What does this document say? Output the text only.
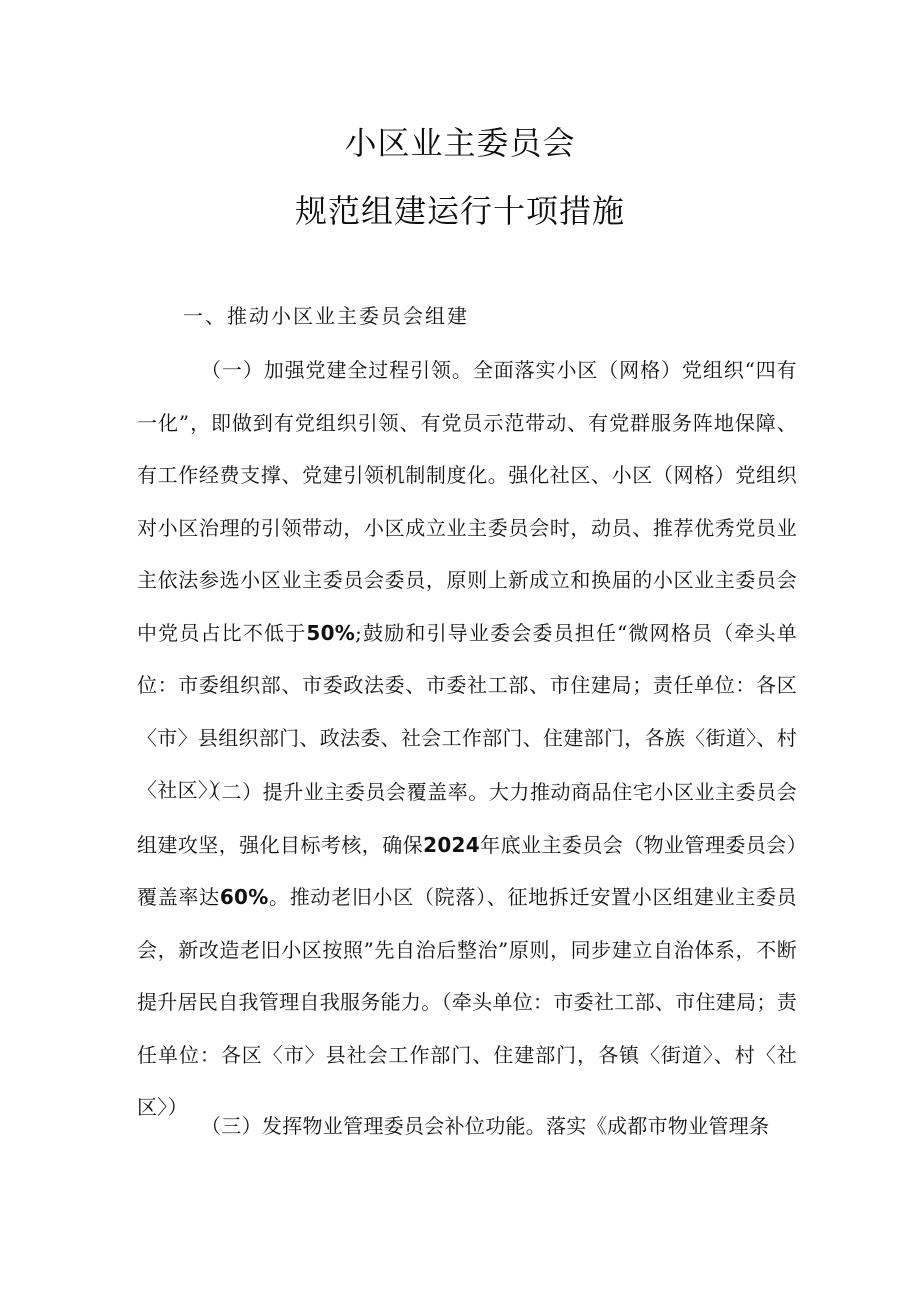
小区业主委员会
规范组建运行十项措施
一、推动小区业主委员会组建
（一）加强党建全过程引领。全面落实小区（网格）党组织“四有一化”，即做到有党组织引领、有党员示范带动、有党群服务阵地保障、有工作经费支撑、党建引领机制制度化。强化社区、小区（网格）党组织对小区治理的引领带动，小区成立业主委员会时，动员、推荐优秀党员业主依法参选小区业主委员会委员，原则上新成立和换届的小区业主委员会中党员占比不低于50%;鼓励和引导业委会委员担任“微网格员（牵头单位：市委组织部、市委政法委、市委社工部、市住建局；责任单位：各区〈市〉县组织部门、政法委、社会工作部门、住建部门，各族〈街道〉、村〈社区〉）
（二）提升业主委员会覆盖率。大力推动商品住宅小区业主委员会组建攻坚，强化目标考核，确保2024年底业主委员会（物业管理委员会）覆盖率达60%。推动老旧小区（院落）、征地拆迁安置小区组建业主委员会，新改造老旧小区按照”先自治后整治”原则，同步建立自治体系，不断提升居民自我管理自我服务能力。（牵头单位：市委社工部、市住建局；责任单位：各区〈市〉县社会工作部门、住建部门，各镇〈街道〉、村〈社区〉）
（三）发挥物业管理委员会补位功能。落实《成都市物业管理条
